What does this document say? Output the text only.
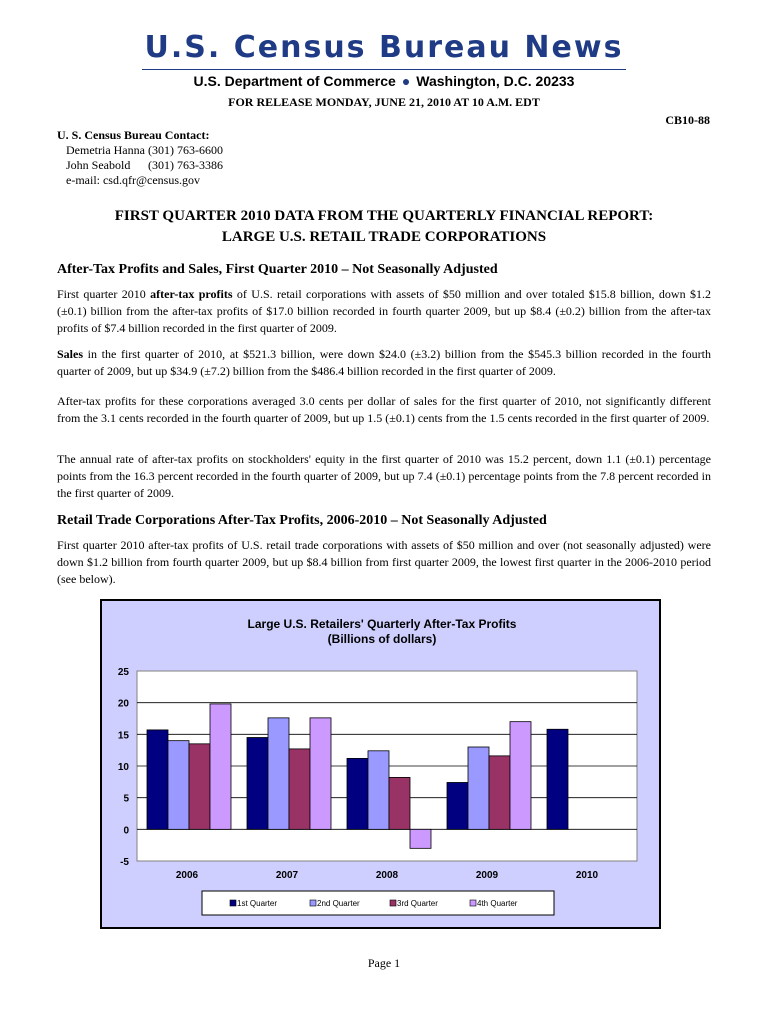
U.S. Census Bureau News
U.S. Department of Commerce ● Washington, D.C. 20233
FOR RELEASE MONDAY, JUNE 21, 2010 AT 10 A.M. EDT
CB10-88
U. S. Census Bureau Contact:
Demetria Hanna (301) 763-6600
John Seabold (301) 763-3386
e-mail: csd.qfr@census.gov
FIRST QUARTER 2010 DATA FROM THE QUARTERLY FINANCIAL REPORT:
LARGE U.S. RETAIL TRADE CORPORATIONS
After-Tax Profits and Sales, First Quarter 2010 – Not Seasonally Adjusted
First quarter 2010 after-tax profits of U.S. retail corporations with assets of $50 million and over totaled $15.8 billion, down $1.2 (±0.1) billion from the after-tax profits of $17.0 billion recorded in fourth quarter 2009, but up $8.4 (±0.2) billion from the after-tax profits of $7.4 billion recorded in the first quarter of 2009.
Sales in the first quarter of 2010, at $521.3 billion, were down $24.0 (±3.2) billion from the $545.3 billion recorded in the fourth quarter of 2009, but up $34.9 (±7.2) billion from the $486.4 billion recorded in the first quarter of 2009.
After-tax profits for these corporations averaged 3.0 cents per dollar of sales for the first quarter of 2010, not significantly different from the 3.1 cents recorded in the fourth quarter of 2009, but up 1.5 (±0.1) cents from the 1.5 cents recorded in the first quarter of 2009.
The annual rate of after-tax profits on stockholders' equity in the first quarter of 2010 was 15.2 percent, down 1.1 (±0.1) percentage points from the 16.3 percent recorded in the fourth quarter of 2009, but up 7.4 (±0.1) percentage points from the 7.8 percent recorded in the first quarter of 2009.
Retail Trade Corporations After-Tax Profits, 2006-2010 – Not Seasonally Adjusted
First quarter 2010 after-tax profits of U.S. retail trade corporations with assets of $50 million and over (not seasonally adjusted) were down $1.2 billion from fourth quarter 2009, but up $8.4 billion from first quarter 2009, the lowest first quarter in the 2006-2010 period (see below).
Large U.S. Retailers' Quarterly After-Tax Profits
(Billions of dollars)
-5
0
5
10
15
20
25
2006	2007	2008	2009	2010
1st Quarter	2nd Quarter	3rd Quarter	4th Quarter
Page 1
